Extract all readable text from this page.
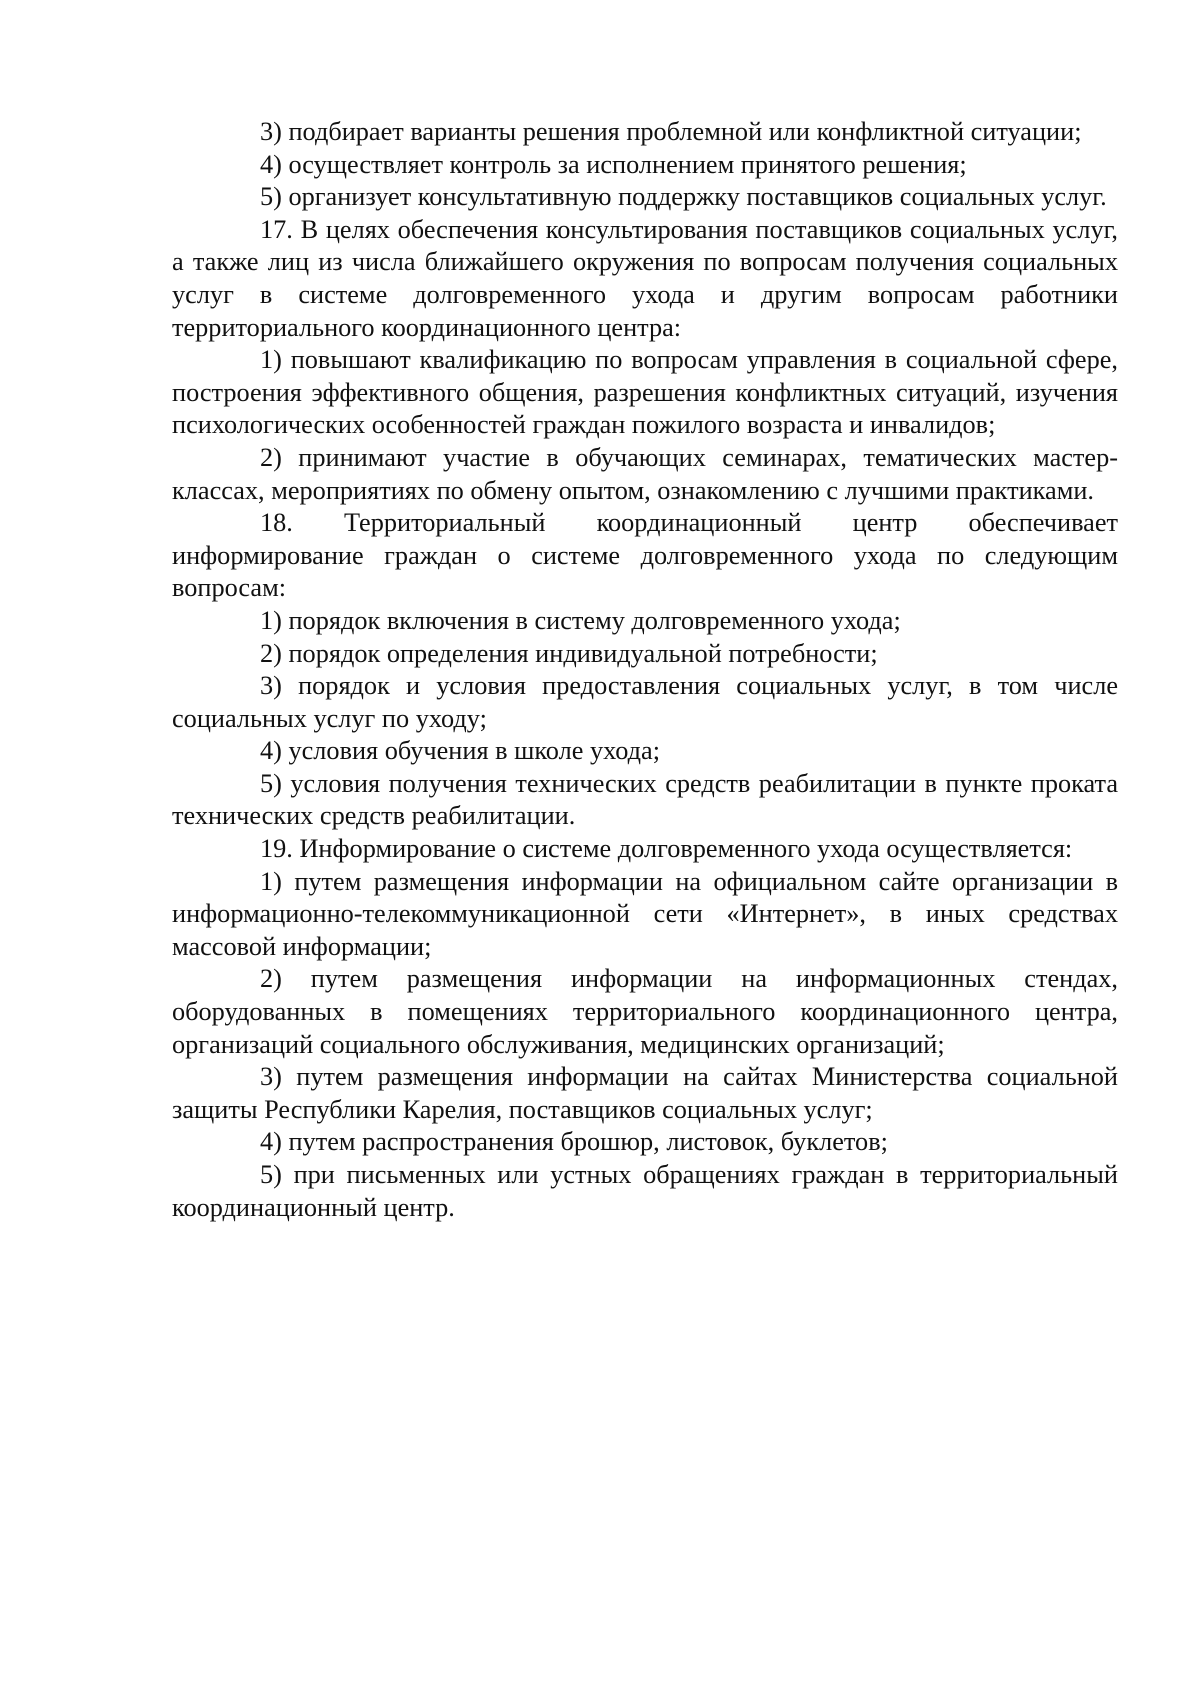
3) подбирает варианты решения проблемной или конфликтной ситуации;

4) осуществляет контроль за исполнением принятого решения;

5) организует консультативную поддержку поставщиков социальных услуг.

17. В целях обеспечения консультирования поставщиков социальных услуг, а также лиц из числа ближайшего окружения по вопросам получения социальных услуг в системе долговременного ухода и другим вопросам работники территориального координационного центра:

1) повышают квалификацию по вопросам управления в социальной сфере, построения эффективного общения, разрешения конфликтных ситуаций, изучения психологических особенностей граждан пожилого возраста и инвалидов;

2) принимают участие в обучающих семинарах, тематических мастер-классах, мероприятиях по обмену опытом, ознакомлению с лучшими практиками.

18. Территориальный координационный центр обеспечивает информирование граждан о системе долговременного ухода по следующим вопросам:

1) порядок включения в систему долговременного ухода;

2) порядок определения индивидуальной потребности;

3) порядок и условия предоставления социальных услуг, в том числе социальных услуг по уходу;

4) условия обучения в школе ухода;

5) условия получения технических средств реабилитации в пункте проката технических средств реабилитации.

19. Информирование о системе долговременного ухода осуществляется:

1) путем размещения информации на официальном сайте организации в информационно-телекоммуникационной сети «Интернет», в иных средствах массовой информации;

2) путем размещения информации на информационных стендах, оборудованных в помещениях территориального координационного центра, организаций социального обслуживания, медицинских организаций;

3) путем размещения информации на сайтах Министерства социальной защиты Республики Карелия, поставщиков социальных услуг;

4) путем распространения брошюр, листовок, буклетов;

5) при письменных или устных обращениях граждан в территориальный координационный центр.
